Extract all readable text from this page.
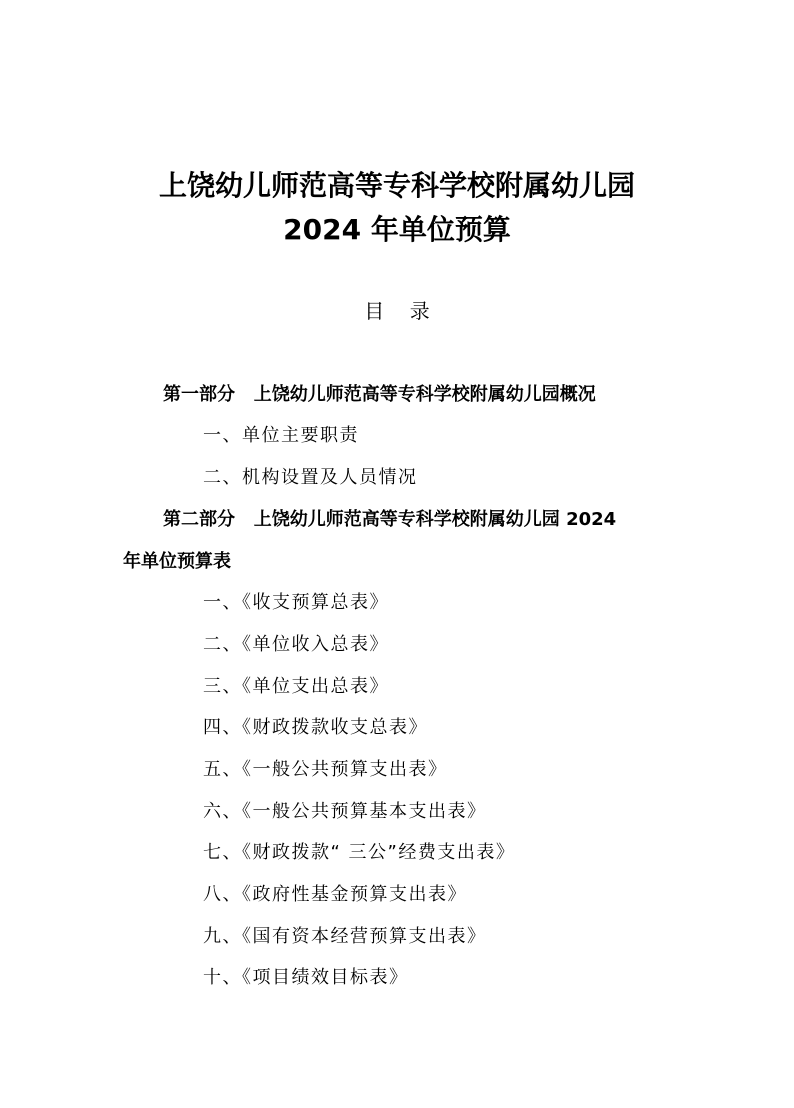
上饶幼儿师范高等专科学校附属幼儿园
2024 年单位预算
目    录
第一部分   上饶幼儿师范高等专科学校附属幼儿园概况
一、单位主要职责
二、机构设置及人员情况
第二部分   上饶幼儿师范高等专科学校附属幼儿园 2024
年单位预算表
一、《收支预算总表》
二、《单位收入总表》
三、《单位支出总表》
四、《财政拨款收支总表》
五、《一般公共预算支出表》
六、《一般公共预算基本支出表》
七、《财政拨款“ 三公”经费支出表》
八、《政府性基金预算支出表》
九、《国有资本经营预算支出表》
十、《项目绩效目标表》
